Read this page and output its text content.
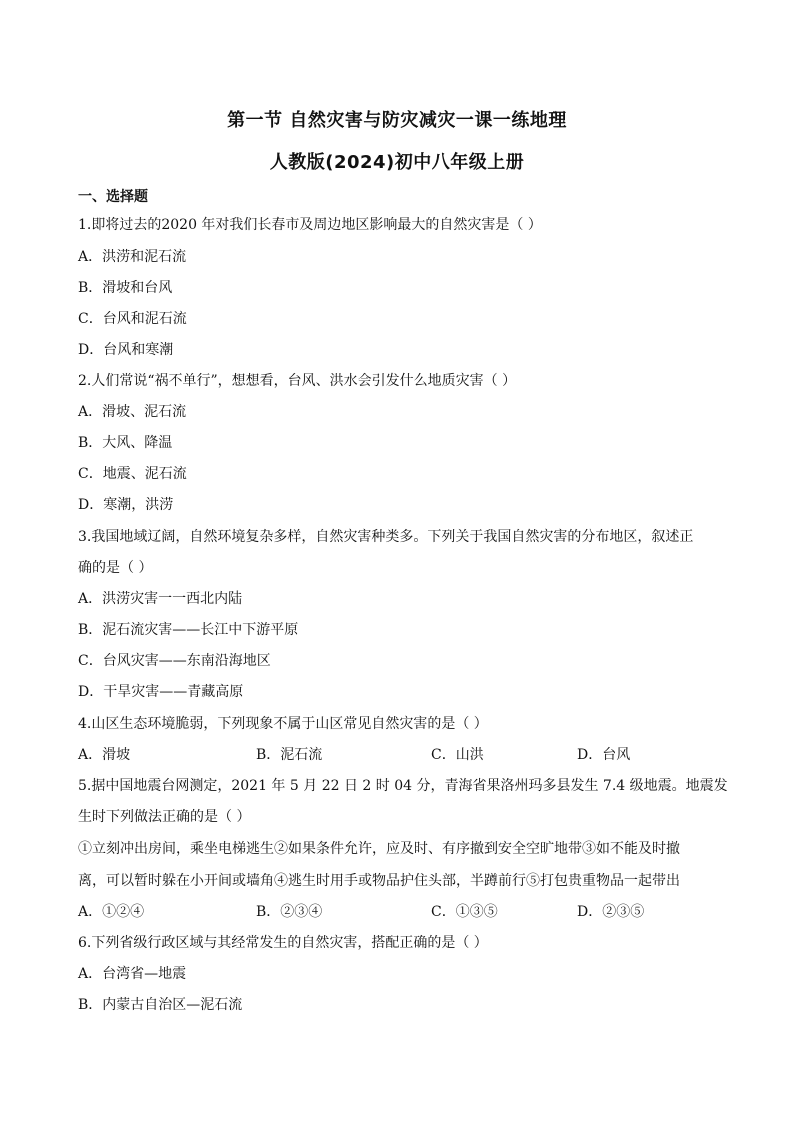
第一节 自然灾害与防灾减灾一课一练地理
人教版(2024)初中八年级上册
一、选择题
1.即将过去的2020 年对我们长春市及周边地区影响最大的自然灾害是（ ）
A．洪涝和泥石流
B．滑坡和台风
C．台风和泥石流
D．台风和寒潮
2.人们常说“祸不单行”，想想看，台风、洪水会引发什么地质灾害（ ）
A．滑坡、泥石流
B．大风、降温
C．地震、泥石流
D．寒潮，洪涝
3.我国地域辽阔，自然环境复杂多样，自然灾害种类多。下列关于我国自然灾害的分布地区，叙述正
确的是（ ）
A．洪涝灾害一一西北内陆
B．泥石流灾害——长江中下游平原
C．台风灾害——东南沿海地区
D．干旱灾害——青藏高原
4.山区生态环境脆弱，下列现象不属于山区常见自然灾害的是（ ）
A．滑坡	B．泥石流	C．山洪	D．台风
5.据中国地震台网测定，2021 年 5 月 22 日 2 时 04 分，青海省果洛州玛多县发生 7.4 级地震。地震发
生时下列做法正确的是（ ）
①立刻冲出房间，乘坐电梯逃生②如果条件允许，应及时、有序撤到安全空旷地带③如不能及时撤
离，可以暂时躲在小开间或墙角④逃生时用手或物品护住头部，半蹲前行⑤打包贵重物品一起带出
A．①②④	B．②③④	C．①③⑤	D．②③⑤
6.下列省级行政区域与其经常发生的自然灾害，搭配正确的是（ ）
A．台湾省—地震
B．内蒙古自治区—泥石流
